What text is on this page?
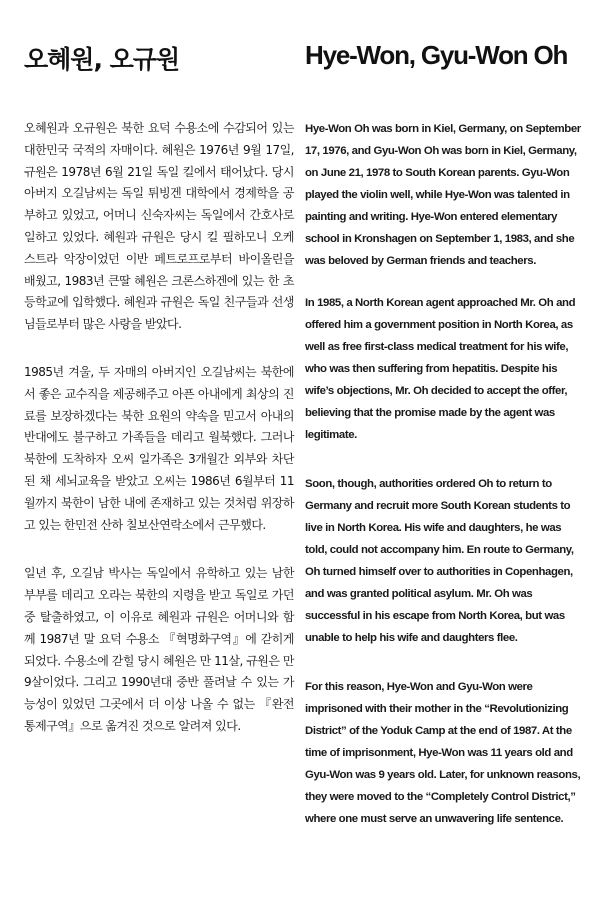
오혜원, 오규원

오혜원과 오규원은 북한 요덕 수용소에 수감되어 있는 대한민국 국적의 자매이다. 혜원은 1976년 9월 17일, 규원은 1978년 6월 21일 독일 킬에서 태어났다. 당시 아버지 오길남씨는 독일 튀빙겐 대학에서 경제학을 공부하고 있었고, 어머니 신숙자씨는 독일에서 간호사로 일하고 있었다. 혜원과 규원은 당시 킬 필하모니 오케스트라 악장이었던 이반 페트로프로부터 바이올린을 배웠고, 1983년 큰딸 혜원은 크론스하겐에 있는 한 초등학교에 입학했다. 혜원과 규원은 독일 친구들과 선생님들로부터 많은 사랑을 받았다.

1985년 겨울, 두 자매의 아버지인 오길남씨는 북한에서 좋은 교수직을 제공해주고 아픈 아내에게 최상의 진료를 보장하겠다는 북한 요원의 약속을 믿고서 아내의 반대에도 불구하고 가족들을 데리고 월북했다. 그러나 북한에 도착하자 오씨 일가족은 3개월간 외부와 차단된 채 세뇌교육을 받았고 오씨는 1986년 6월부터 11월까지 북한이 남한 내에 존재하고 있는 것처럼 위장하고 있는 한민전 산하 칠보산연락소에서 근무했다.

일년 후, 오길남 박사는 독일에서 유학하고 있는 남한 부부를 데리고 오라는 북한의 지령을 받고 독일로 가던 중 탈출하였고, 이 이유로 혜원과 규원은 어머니와 함께 1987년 말 요덕 수용소 『혁명화구역』에 갇히게 되었다. 수용소에 갇힐 당시 혜원은 만 11살, 규원은 만 9살이었다. 그리고 1990년대 중반 풀려날 수 있는 가능성이 있었던 그곳에서 더 이상 나올 수 없는 『완전통제구역』으로 옮겨진 것으로 알려져 있다.

Hye-Won, Gyu-Won Oh

Hye-Won Oh was born in Kiel, Germany, on September 17, 1976, and Gyu-Won Oh was born in Kiel, Germany, on June 21, 1978 to South Korean parents. Gyu-Won played the violin well, while Hye-Won was talented in painting and writing. Hye-Won entered elementary school in Kronshagen on September 1, 1983, and she was beloved by German friends and teachers.

In 1985, a North Korean agent approached Mr. Oh and offered him a government position in North Korea, as well as free first-class medical treatment for his wife, who was then suffering from hepatitis. Despite his wife’s objections, Mr. Oh decided to accept the offer, believing that the promise made by the agent was legitimate.

Soon, though, authorities ordered Oh to return to Germany and recruit more South Korean students to live in North Korea. His wife and daughters, he was told, could not accompany him. En route to Germany, Oh turned himself over to authorities in Copenhagen, and was granted political asylum. Mr. Oh was successful in his escape from North Korea, but was unable to help his wife and daughters flee.

For this reason, Hye-Won and Gyu-Won were imprisoned with their mother in the “Revolutionizing District” of the Yoduk Camp at the end of 1987. At the time of imprisonment, Hye-Won was 11 years old and Gyu-Won was 9 years old. Later, for unknown reasons, they were moved to the “Completely Control District,” where one must serve an unwavering life sentence.
